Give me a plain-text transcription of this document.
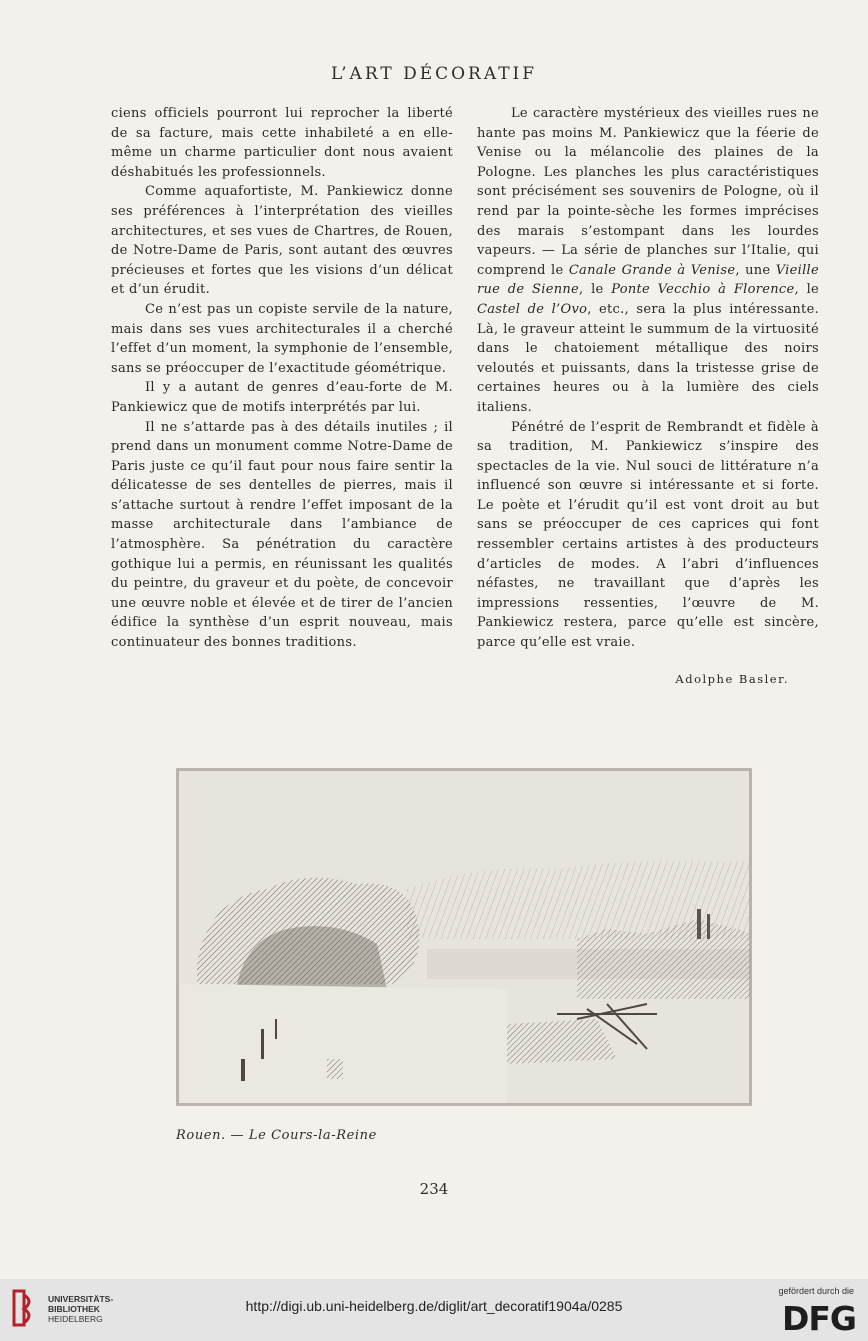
L’ART DÉCORATIF

ciens officiels pourront lui reprocher la liberté de sa facture, mais cette inhabileté a en elle-même un charme particulier dont nous avaient déshabitués les professionnels.

Comme aquafortiste, M. Pankiewicz donne ses préférences à l’interprétation des vieilles architectures, et ses vues de Chartres, de Rouen, de Notre-Dame de Paris, sont autant des œuvres précieuses et fortes que les visions d’un délicat et d’un érudit.

Ce n’est pas un copiste servile de la nature, mais dans ses vues architecturales il a cherché l’effet d’un moment, la symphonie de l’ensemble, sans se préoccuper de l’exactitude géométrique.

Il y a autant de genres d’eau-forte de M. Pankiewicz que de motifs interprétés par lui.

Il ne s’attarde pas à des détails inutiles ; il prend dans un monument comme Notre-Dame de Paris juste ce qu’il faut pour nous faire sentir la délicatesse de ses dentelles de pierres, mais il s’attache surtout à rendre l’effet imposant de la masse architecturale dans l’ambiance de l’atmosphère. Sa pénétration du caractère gothique lui a permis, en réunissant les qualités du peintre, du graveur et du poète, de concevoir une œuvre noble et élevée et de tirer de l’ancien édifice la synthèse d’un esprit nouveau, mais continuateur des bonnes traditions.

Le caractère mystérieux des vieilles rues ne hante pas moins M. Pankiewicz que la féerie de Venise ou la mélancolie des plaines de la Pologne. Les planches les plus caractéristiques sont précisément ses souvenirs de Pologne, où il rend par la pointe-sèche les formes imprécises des marais s’estompant dans les lourdes vapeurs. — La série de planches sur l’Italie, qui comprend le Canale Grande à Venise, une Vieille rue de Sienne, le Ponte Vecchio à Florence, le Castel de l’Ovo, etc., sera la plus intéressante. Là, le graveur atteint le summum de la virtuosité dans le chatoiement métallique des noirs veloutés et puissants, dans la tristesse grise de certaines heures ou à la lumière des ciels italiens.

Pénétré de l’esprit de Rembrandt et fidèle à sa tradition, M. Pankiewicz s’inspire des spectacles de la vie. Nul souci de littérature n’a influencé son œuvre si intéressante et si forte. Le poète et l’érudit qu’il est vont droit au but sans se préoccuper de ces caprices qui font ressembler certains artistes à des producteurs d’articles de modes. A l’abri d’influences néfastes, ne travaillant que d’après les impressions ressenties, l’œuvre de M. Pankiewicz restera, parce qu’elle est sincère, parce qu’elle est vraie.

Adolphe Basler.
Rouen. — Le Cours-la-Reine
234
UNIVERSITÄTS-
BIBLIOTHEK
HEIDELBERG
http://digi.ub.uni-heidelberg.de/diglit/art_decoratif1904a/0285
gefördert durch die
DFG
